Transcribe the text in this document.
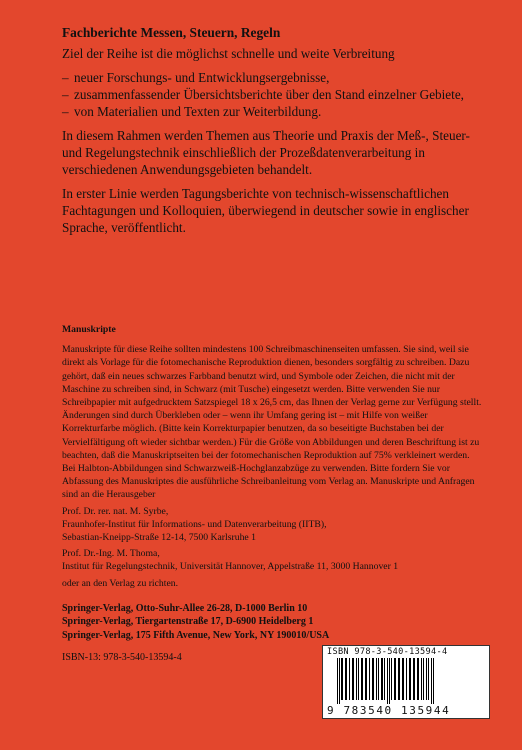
Fachberichte Messen, Steuern, Regeln

Ziel der Reihe ist die möglichst schnelle und weite Verbreitung

– neuer Forschungs- und Entwicklungsergebnisse,
– zusammenfassender Übersichtsberichte über den Stand einzelner Gebiete,
– von Materialien und Texten zur Weiterbildung.

In diesem Rahmen werden Themen aus Theorie und Praxis der Meß-, Steuer- und Regelungstechnik einschließlich der Prozeßdatenverarbeitung in verschiedenen Anwendungsgebieten behandelt.

In erster Linie werden Tagungsberichte von technisch-wissenschaftlichen Fachtagungen und Kolloquien, überwiegend in deutscher sowie in englischer Sprache, veröffentlicht.

Manuskripte

Manuskripte für diese Reihe sollten mindestens 100 Schreibmaschinenseiten umfassen. Sie sind, weil sie direkt als Vorlage für die fotomechanische Reproduktion dienen, besonders sorgfältig zu schreiben. Dazu gehört, daß ein neues schwarzes Farbband benutzt wird, und Symbole oder Zeichen, die nicht mit der Maschine zu schreiben sind, in Schwarz (mit Tusche) eingesetzt werden. Bitte verwenden Sie nur Schreibpapier mit aufgedrucktem Satzspiegel 18 x 26,5 cm, das Ihnen der Verlag gerne zur Verfügung stellt. Änderungen sind durch Überkleben oder – wenn ihr Umfang gering ist – mit Hilfe von weißer Korrekturfarbe möglich. (Bitte kein Korrekturpapier benutzen, da so beseitigte Buchstaben bei der Vervielfältigung oft wieder sichtbar werden.) Für die Größe von Abbildungen und deren Beschriftung ist zu beachten, daß die Manuskriptseiten bei der fotomechanischen Reproduktion auf 75% verkleinert werden. Bei Halbton-Abbildungen sind Schwarzweiß-Hochglanzabzüge zu verwenden. Bitte fordern Sie vor Abfassung des Manuskriptes die ausführliche Schreibanleitung vom Verlag an. Manuskripte und Anfragen sind an die Herausgeber

Prof. Dr. rer. nat. M. Syrbe,
Fraunhofer-Institut für Informations- und Datenverarbeitung (IITB),
Sebastian-Kneipp-Straße 12-14, 7500 Karlsruhe 1
Prof. Dr.-Ing. M. Thoma,
Institut für Regelungstechnik, Universität Hannover, Appelstraße 11, 3000 Hannover 1
oder an den Verlag zu richten.
Springer-Verlag, Otto-Suhr-Allee 26-28, D-1000 Berlin 10
Springer-Verlag, Tiergartenstraße 17, D-6900 Heidelberg 1
Springer-Verlag, 175 Fifth Avenue, New York, NY 190010/USA
ISBN-13: 978-3-540-13594-4	ISBN 978-3-540-13594-4
9 783540 135944
